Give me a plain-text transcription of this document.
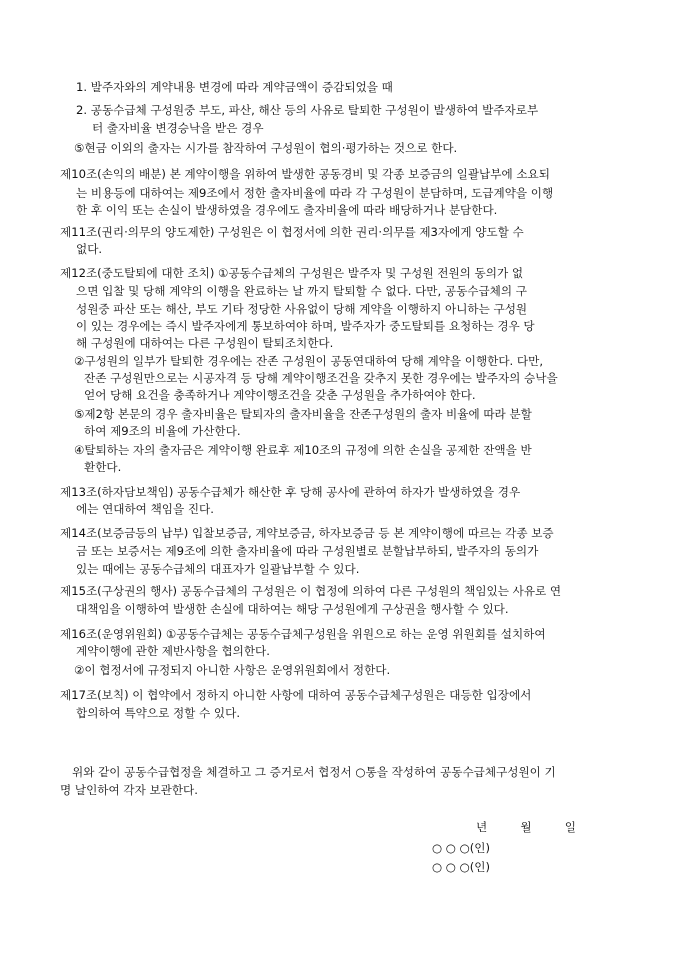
1. 발주자와의 계약내용 변경에 따라 계약금액이 증감되었을 때
2. 공동수급체 구성원중 부도, 파산, 해산 등의 사유로 탈퇴한 구성원이 발생하여 발주자로부
터 출자비율 변경승낙을 받은 경우
⑤현금 이외의 출자는 시가를 참작하여 구성원이 협의·평가하는 것으로 한다.
제10조(손익의 배분) 본 계약이행을 위하여 발생한 공동경비 및 각종 보증금의 일괄납부에 소요되
는 비용등에 대하여는 제9조에서 정한 출자비율에 따라 각 구성원이 분담하며, 도급계약을 이행
한 후 이익 또는 손실이 발생하였을 경우에도 출자비율에 따라 배당하거나 분담한다.
제11조(권리·의무의 양도제한) 구성원은 이 협정서에 의한 권리·의무를 제3자에게 양도할 수
없다.
제12조(중도탈퇴에 대한 조치) ①공동수급체의 구성원은 발주자 및 구성원 전원의 동의가 없
으면 입찰 및 당해 계약의 이행을 완료하는 날 까지 탈퇴할 수 없다. 다만, 공동수급체의 구
성원중 파산 또는 해산, 부도 기타 정당한 사유없이 당해 계약을 이행하지 아니하는 구성원
이 있는 경우에는 즉시 발주자에게 통보하여야 하며, 발주자가 중도탈퇴를 요청하는 경우 당
해 구성원에 대하여는 다른 구성원이 탈퇴조치한다.
②구성원의 일부가 탈퇴한 경우에는 잔존 구성원이 공동연대하여 당해 계약을 이행한다. 다만,
잔존 구성원만으로는 시공자격 등 당해 계약이행조건을 갖추지 못한 경우에는 발주자의 승낙을
얻어 당해 요건을 충족하거나 계약이행조건을 갖춘 구성원을 추가하여야 한다.
⑤제2항 본문의 경우 출자비율은 탈퇴자의 출자비율을 잔존구성원의 출자 비율에 따라 분할
하여 제9조의 비율에 가산한다.
④탈퇴하는 자의 출자금은 계약이행 완료후 제10조의 규정에 의한 손실을 공제한 잔액을 반
환한다.
제13조(하자담보책임) 공동수급체가 해산한 후 당해 공사에 관하여 하자가 발생하였을 경우
에는 연대하여 책임을 진다.
제14조(보증금등의 납부) 입찰보증금, 계약보증금, 하자보증금 등 본 계약이행에 따르는 각종 보증
금 또는 보증서는 제9조에 의한 출자비율에 따라 구성원별로 분할납부하되, 발주자의 동의가
있는 때에는 공동수급체의 대표자가 일괄납부할 수 있다.
제15조(구상권의 행사) 공동수급체의 구성원은 이 협정에 의하여 다른 구성원의 책임있는 사유로 연
대책임을 이행하여 발생한 손실에 대하여는 해당 구성원에게 구상권을 행사할 수 있다.
제16조(운영위원회) ①공동수급체는 공동수급체구성원을 위원으로 하는 운영 위원회를 설치하여
계약이행에 관한 제반사항을 협의한다.
②이 협정서에 규정되지 아니한 사항은 운영위원회에서 정한다.
제17조(보칙) 이 협약에서 정하지 아니한 사항에 대하여 공동수급체구성원은 대등한 입장에서
합의하여 특약으로 정할 수 있다.
위와 같이 공동수급협정을 체결하고 그 증거로서 협정서 ○통을 작성하여 공동수급체구성원이 기
명 날인하여 각자 보관한다.
년         월         일
○ ○ ○(인)
○ ○ ○(인)
